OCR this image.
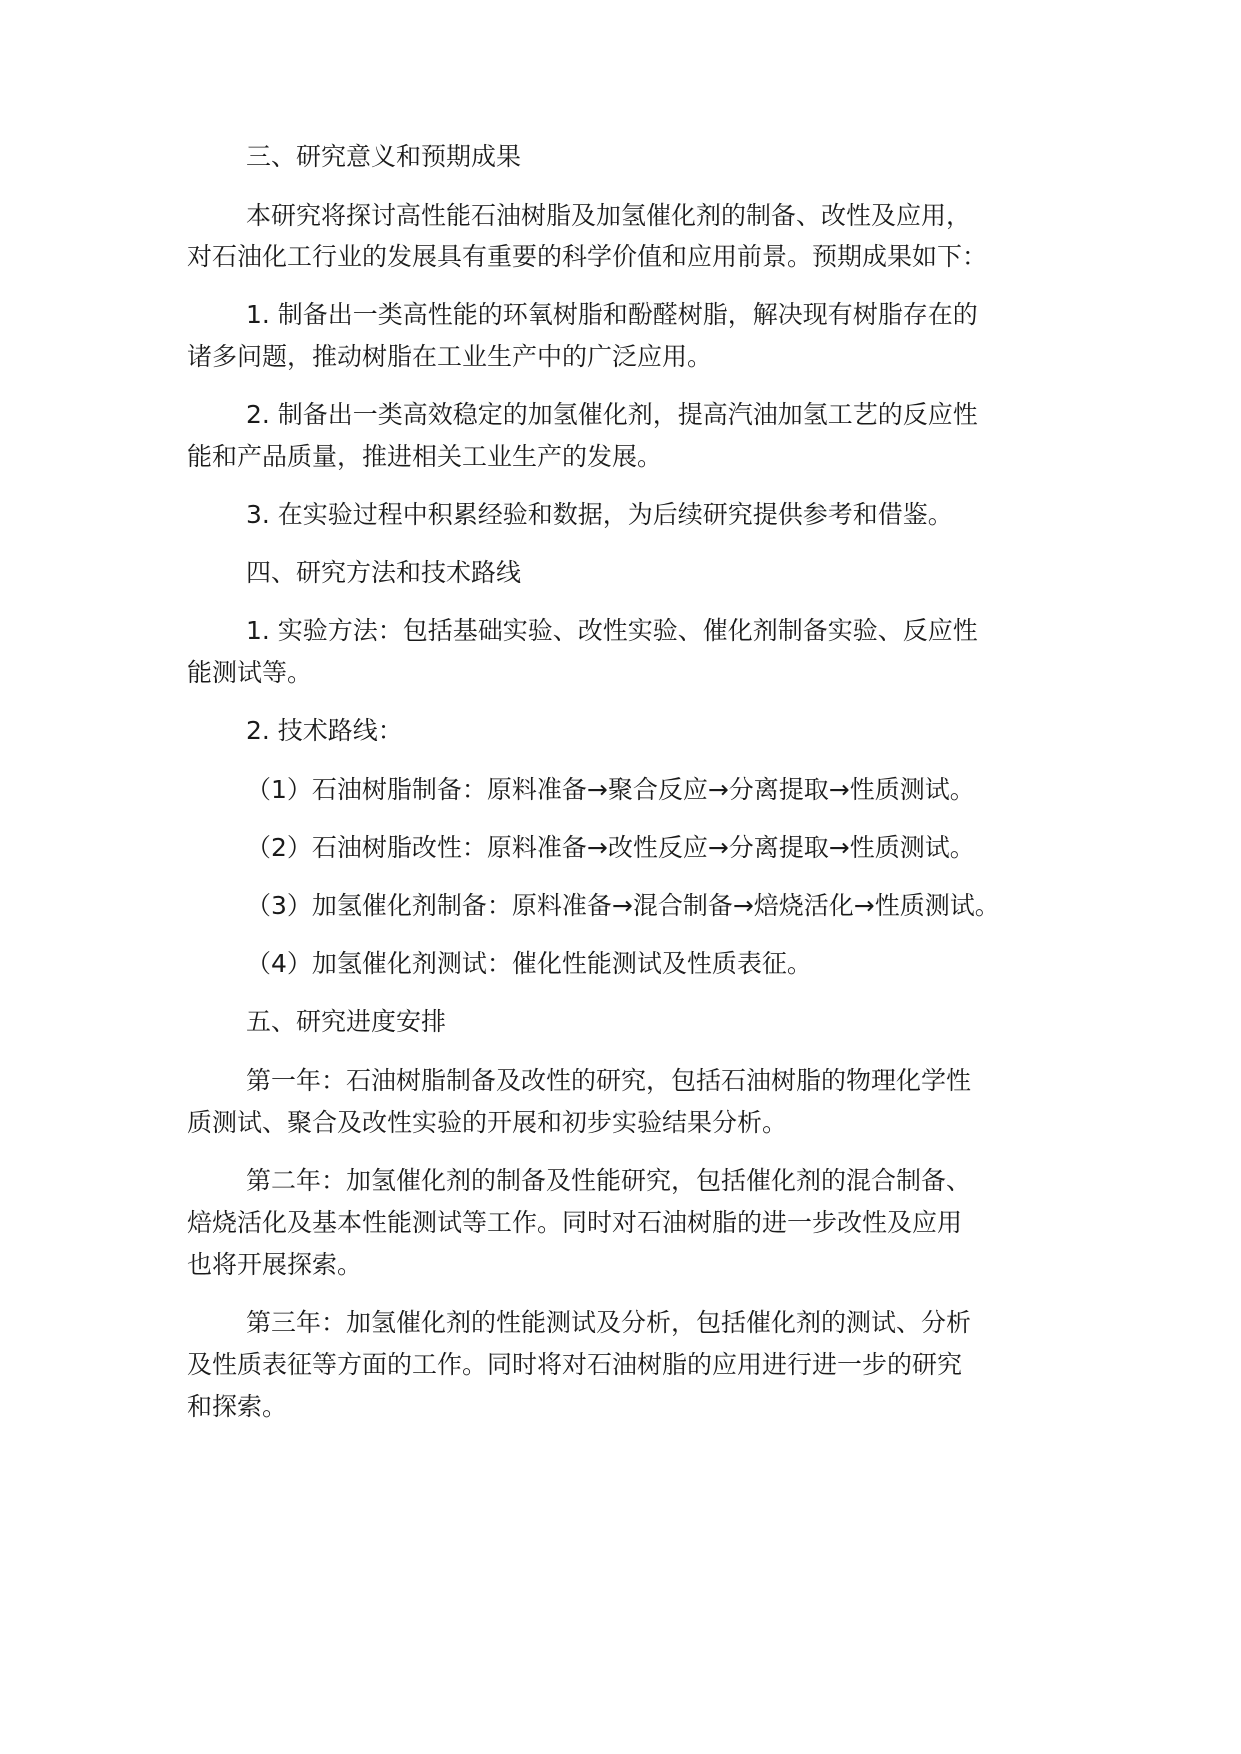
三、研究意义和预期成果
本研究将探讨高性能石油树脂及加氢催化剂的制备、改性及应用，
对石油化工行业的发展具有重要的科学价值和应用前景。预期成果如下：
1. 制备出一类高性能的环氧树脂和酚醛树脂，解决现有树脂存在的
诸多问题，推动树脂在工业生产中的广泛应用。
2. 制备出一类高效稳定的加氢催化剂，提高汽油加氢工艺的反应性
能和产品质量，推进相关工业生产的发展。
3. 在实验过程中积累经验和数据，为后续研究提供参考和借鉴。
四、研究方法和技术路线
1. 实验方法：包括基础实验、改性实验、催化剂制备实验、反应性
能测试等。
2. 技术路线：
（1）石油树脂制备：原料准备→聚合反应→分离提取→性质测试。
（2）石油树脂改性：原料准备→改性反应→分离提取→性质测试。
（3）加氢催化剂制备：原料准备→混合制备→焙烧活化→性质测试。
（4）加氢催化剂测试：催化性能测试及性质表征。
五、研究进度安排
第一年：石油树脂制备及改性的研究，包括石油树脂的物理化学性
质测试、聚合及改性实验的开展和初步实验结果分析。
第二年：加氢催化剂的制备及性能研究，包括催化剂的混合制备、
焙烧活化及基本性能测试等工作。同时对石油树脂的进一步改性及应用
也将开展探索。
第三年：加氢催化剂的性能测试及分析，包括催化剂的测试、分析
及性质表征等方面的工作。同时将对石油树脂的应用进行进一步的研究
和探索。
